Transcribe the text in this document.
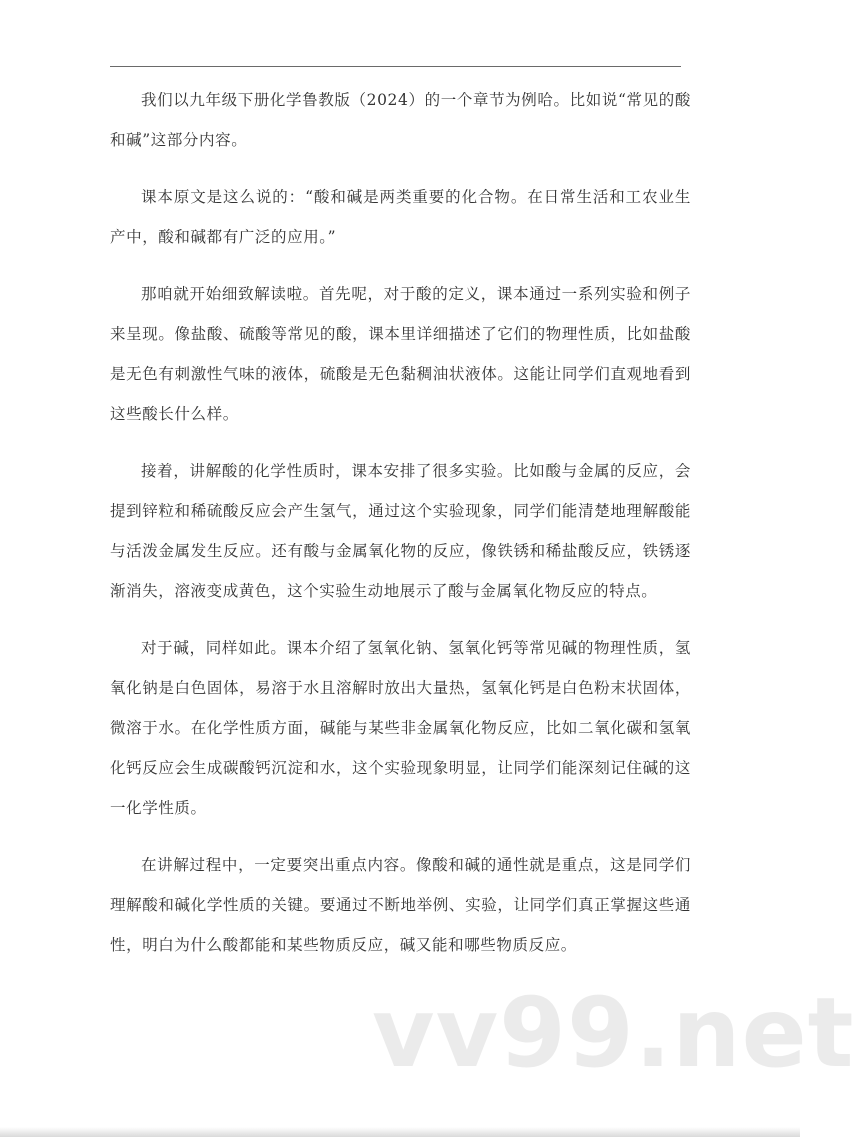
我们以九年级下册化学鲁教版（2024）的一个章节为例哈。比如说“常见的酸和碱”这部分内容。

课本原文是这么说的：“酸和碱是两类重要的化合物。在日常生活和工农业生产中，酸和碱都有广泛的应用。”

那咱就开始细致解读啦。首先呢，对于酸的定义，课本通过一系列实验和例子来呈现。像盐酸、硫酸等常见的酸，课本里详细描述了它们的物理性质，比如盐酸是无色有刺激性气味的液体，硫酸是无色黏稠油状液体。这能让同学们直观地看到这些酸长什么样。

接着，讲解酸的化学性质时，课本安排了很多实验。比如酸与金属的反应，会提到锌粒和稀硫酸反应会产生氢气，通过这个实验现象，同学们能清楚地理解酸能与活泼金属发生反应。还有酸与金属氧化物的反应，像铁锈和稀盐酸反应，铁锈逐渐消失，溶液变成黄色，这个实验生动地展示了酸与金属氧化物反应的特点。

对于碱，同样如此。课本介绍了氢氧化钠、氢氧化钙等常见碱的物理性质，氢氧化钠是白色固体，易溶于水且溶解时放出大量热，氢氧化钙是白色粉末状固体，微溶于水。在化学性质方面，碱能与某些非金属氧化物反应，比如二氧化碳和氢氧化钙反应会生成碳酸钙沉淀和水，这个实验现象明显，让同学们能深刻记住碱的这一化学性质。

在讲解过程中，一定要突出重点内容。像酸和碱的通性就是重点，这是同学们理解酸和碱化学性质的关键。要通过不断地举例、实验，让同学们真正掌握这些通性，明白为什么酸都能和某些物质反应，碱又能和哪些物质反应。

vv99.net
